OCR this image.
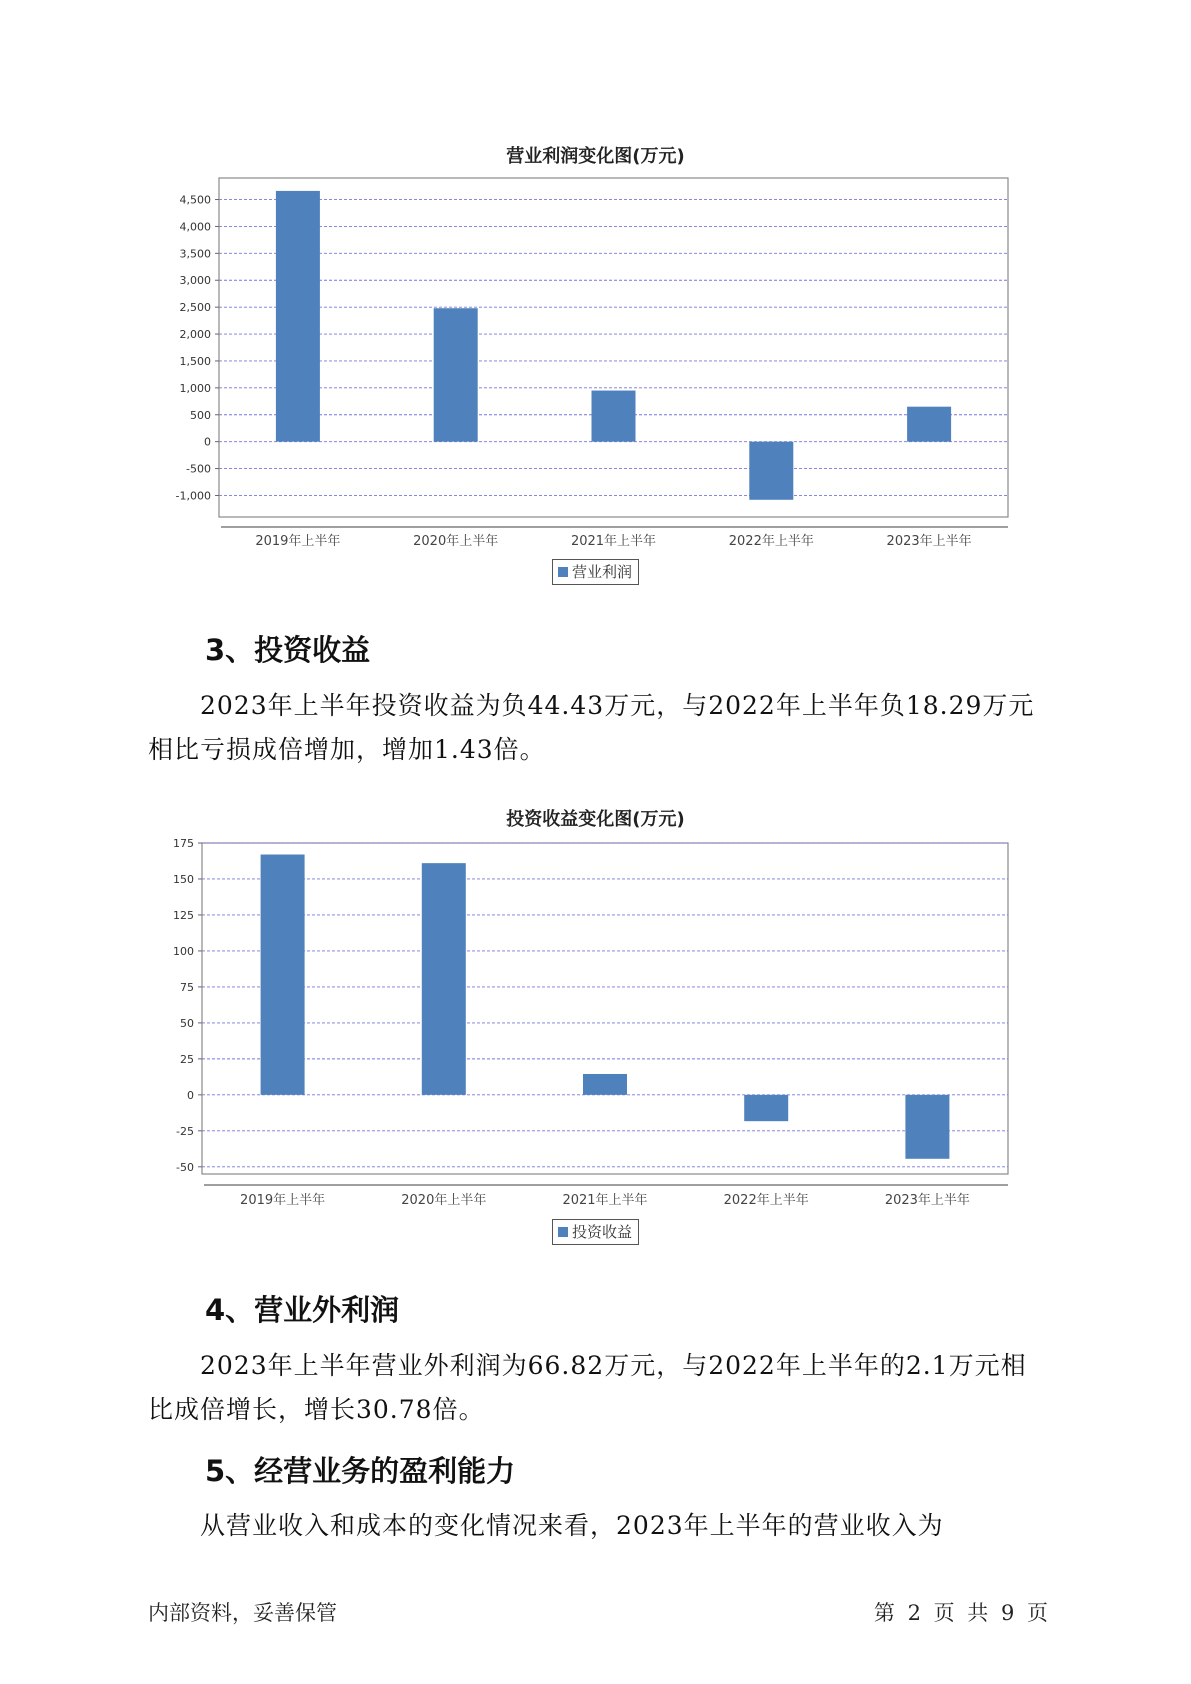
营业利润变化图(万元)
-1,000
-500
0
500
1,000
1,500
2,000
2,500
3,000
3,500
4,000
4,500
2019年上半年	2020年上半年	2021年上半年	2022年上半年	2023年上半年
营业利润
3、投资收益

2023年上半年投资收益为负44.43万元，与2022年上半年负18.29万元
相比亏损成倍增加，增加1.43倍。

投资收益变化图(万元)
-50
-25
0
25
50
75
100
125
150
175
2019年上半年	2020年上半年	2021年上半年	2022年上半年	2023年上半年
投资收益
4、营业外利润

2023年上半年营业外利润为66.82万元，与2022年上半年的2.1万元相
比成倍增长，增长30.78倍。

5、经营业务的盈利能力

从营业收入和成本的变化情况来看，2023年上半年的营业收入为

内部资料，妥善保管	第 2 页 共 9 页
